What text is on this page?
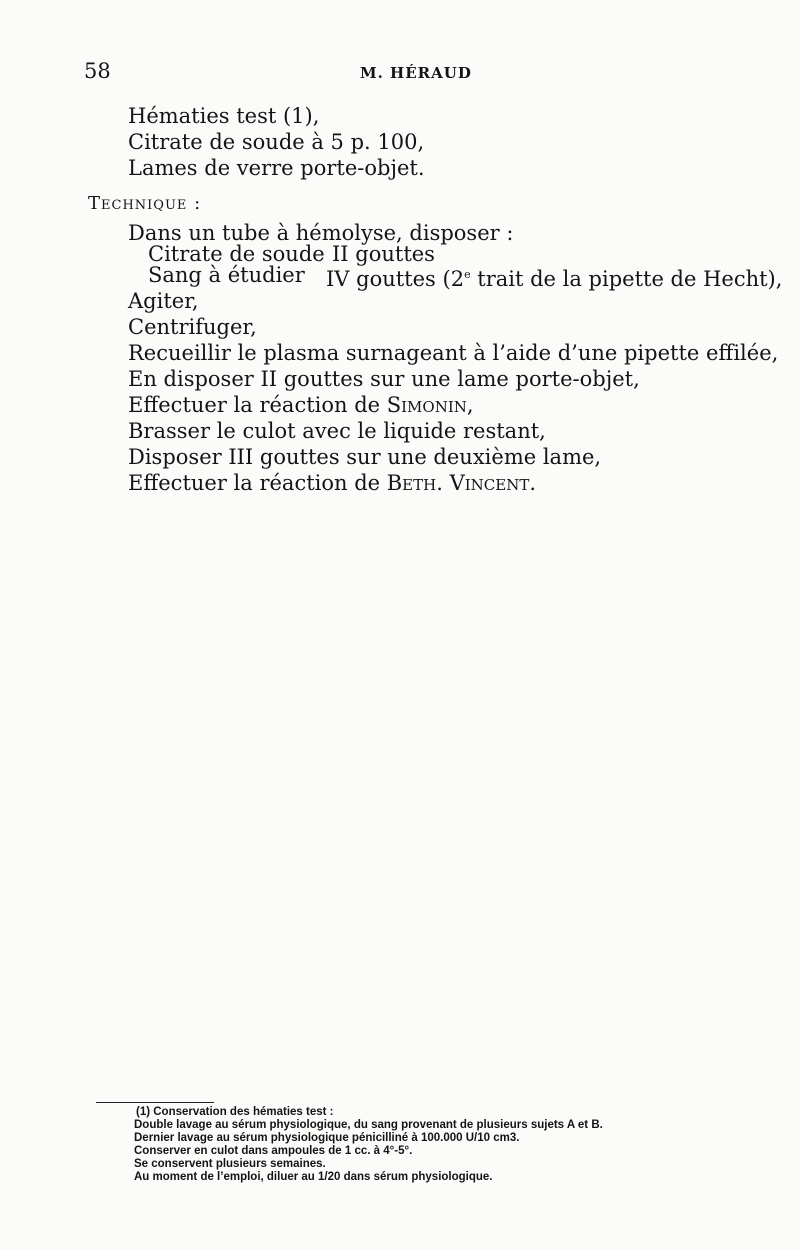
58	M. HÉRAUD
Hématies test (1),
Citrate de soude à 5 p. 100,
Lames de verre porte-objet.
Technique :
Dans un tube à hémolyse, disposer :
Citrate de soude II gouttes
Sang à étudier IV gouttes (2e trait de la pipette de Hecht),
Agiter,
Centrifuger,
Recueillir le plasma surnageant à l’aide d’une pipette effilée,
En disposer II gouttes sur une lame porte-objet,
Effectuer la réaction de Simonin,
Brasser le culot avec le liquide restant,
Disposer III gouttes sur une deuxième lame,
Effectuer la réaction de Beth. Vincent.
(1) Conservation des hématies test :
Double lavage au sérum physiologique, du sang provenant de plusieurs sujets A et B.
Dernier lavage au sérum physiologique pénicilliné à 100.000 U/10 cm3.
Conserver en culot dans ampoules de 1 cc. à 4°-5°.
Se conservent plusieurs semaines.
Au moment de l’emploi, diluer au 1/20 dans sérum physiologique.
